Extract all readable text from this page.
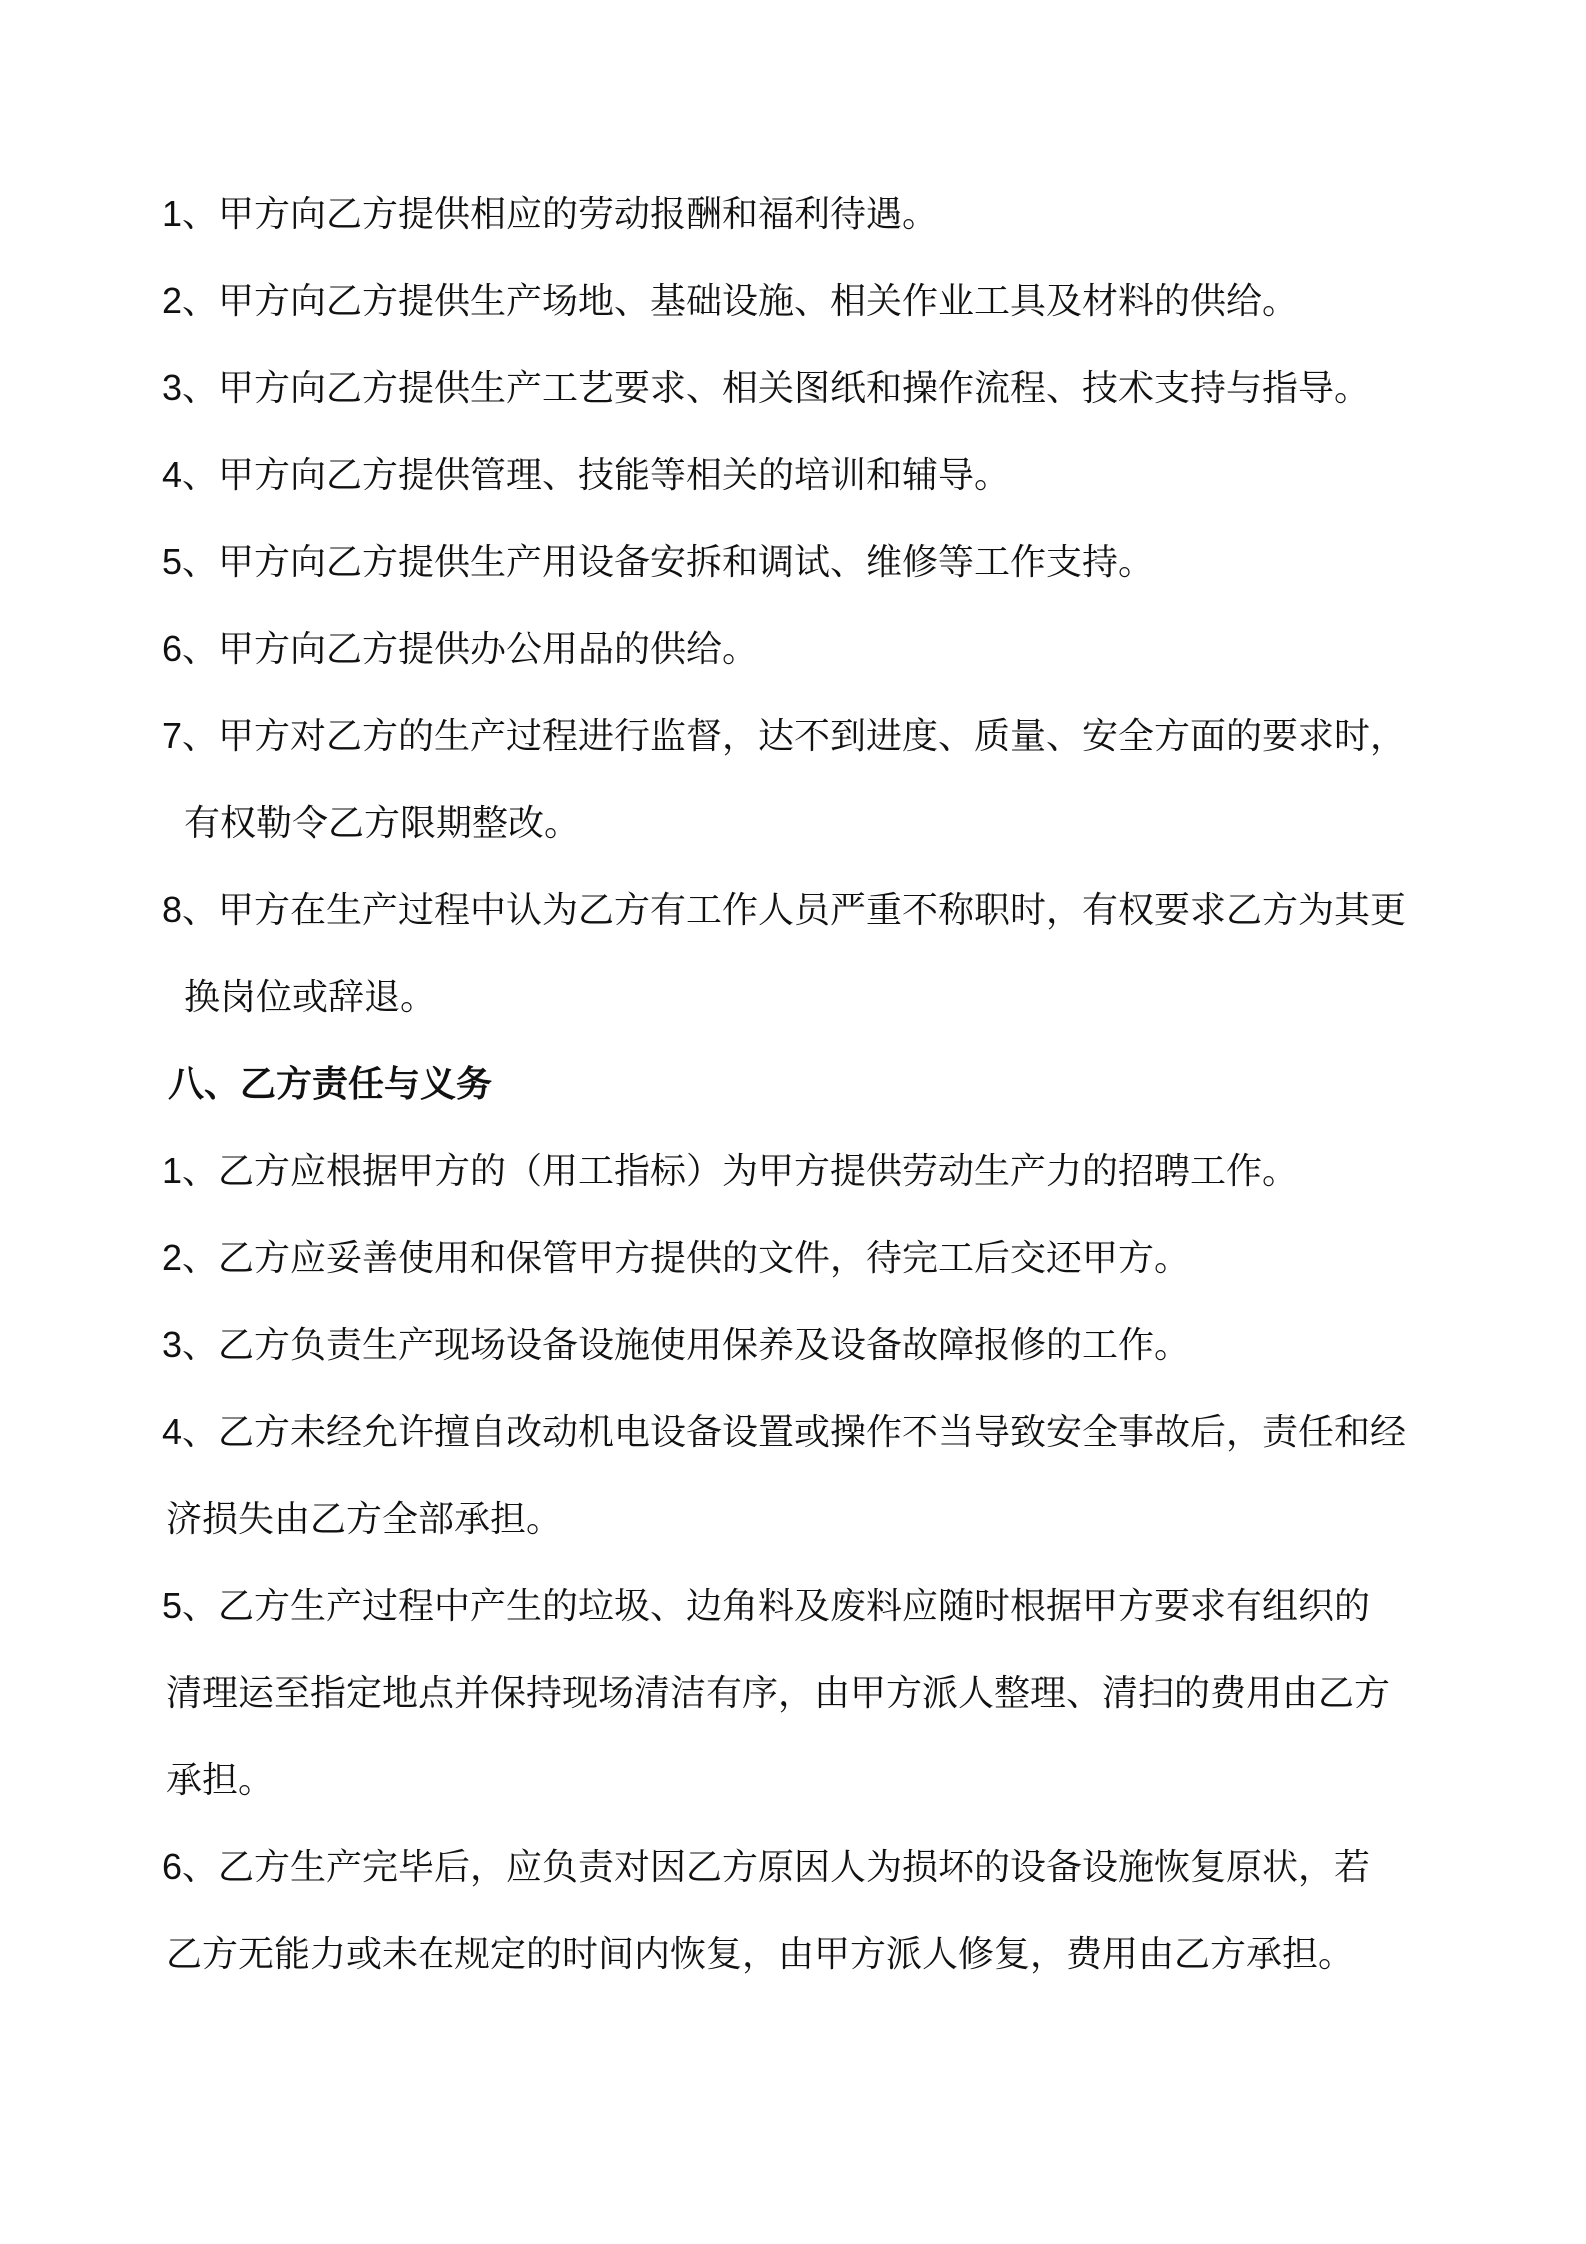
1、甲方向乙方提供相应的劳动报酬和福利待遇。

2、甲方向乙方提供生产场地、基础设施、相关作业工具及材料的供给。

3、甲方向乙方提供生产工艺要求、相关图纸和操作流程、技术支持与指导。

4、甲方向乙方提供管理、技能等相关的培训和辅导。

5、甲方向乙方提供生产用设备安拆和调试、维修等工作支持。

6、甲方向乙方提供办公用品的供给。

7、甲方对乙方的生产过程进行监督，达不到进度、质量、安全方面的要求时，

有权勒令乙方限期整改。

8、甲方在生产过程中认为乙方有工作人员严重不称职时，有权要求乙方为其更

换岗位或辞退。

八、乙方责任与义务

1、乙方应根据甲方的（用工指标）为甲方提供劳动生产力的招聘工作。

2、乙方应妥善使用和保管甲方提供的文件，待完工后交还甲方。

3、乙方负责生产现场设备设施使用保养及设备故障报修的工作。

4、乙方未经允许擅自改动机电设备设置或操作不当导致安全事故后，责任和经

济损失由乙方全部承担。

5、乙方生产过程中产生的垃圾、边角料及废料应随时根据甲方要求有组织的

清理运至指定地点并保持现场清洁有序，由甲方派人整理、清扫的费用由乙方

承担。

6、乙方生产完毕后，应负责对因乙方原因人为损坏的设备设施恢复原状，若

乙方无能力或未在规定的时间内恢复，由甲方派人修复，费用由乙方承担。
